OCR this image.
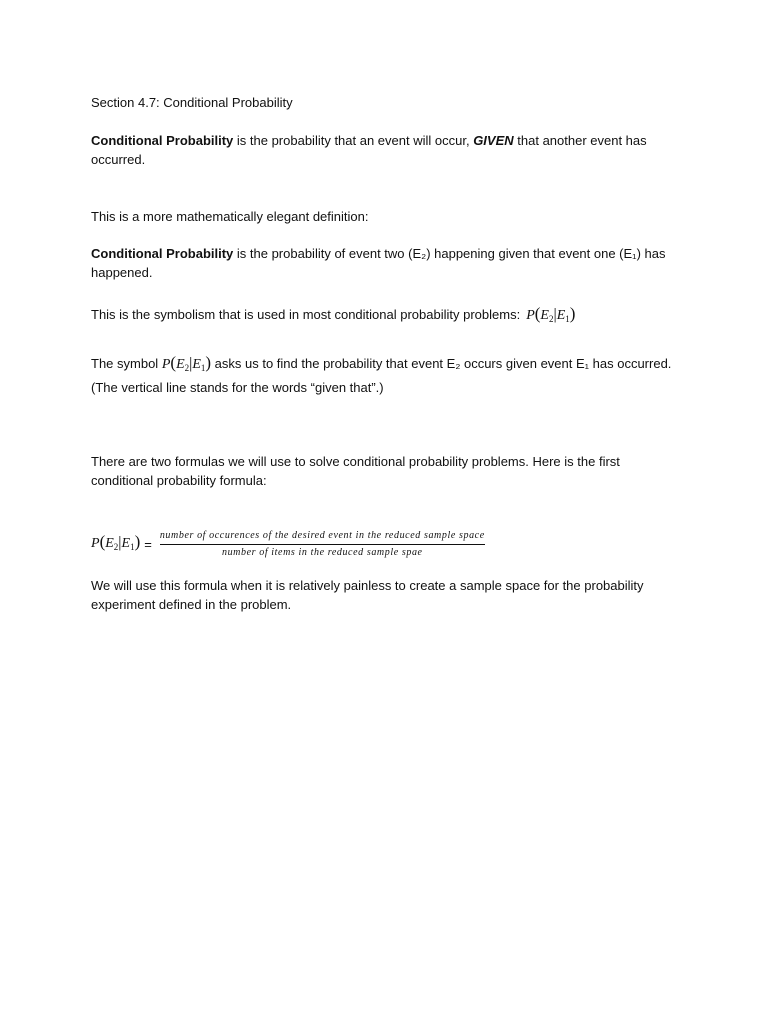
Section 4.7: Conditional Probability

Conditional Probability is the probability that an event will occur, GIVEN that another event has occurred.

This is a more mathematically elegant definition:

Conditional Probability is the probability of event two (E₂) happening given that event one (E₁) has happened.

This is the symbolism that is used in most conditional probability problems: $P(E_2|E_1)$

The symbol $P(E_2|E_1)$ asks us to find the probability that event E₂ occurs given event E₁ has occurred. (The vertical line stands for the words “given that”.)

There are two formulas we will use to solve conditional probability problems. Here is the first conditional probability formula:

$P(E_2|E_1)$ =
number of occurences of the desired event in the reduced sample space
number of items in the reduced sample spae

We will use this formula when it is relatively painless to create a sample space for the probability experiment defined in the problem.
